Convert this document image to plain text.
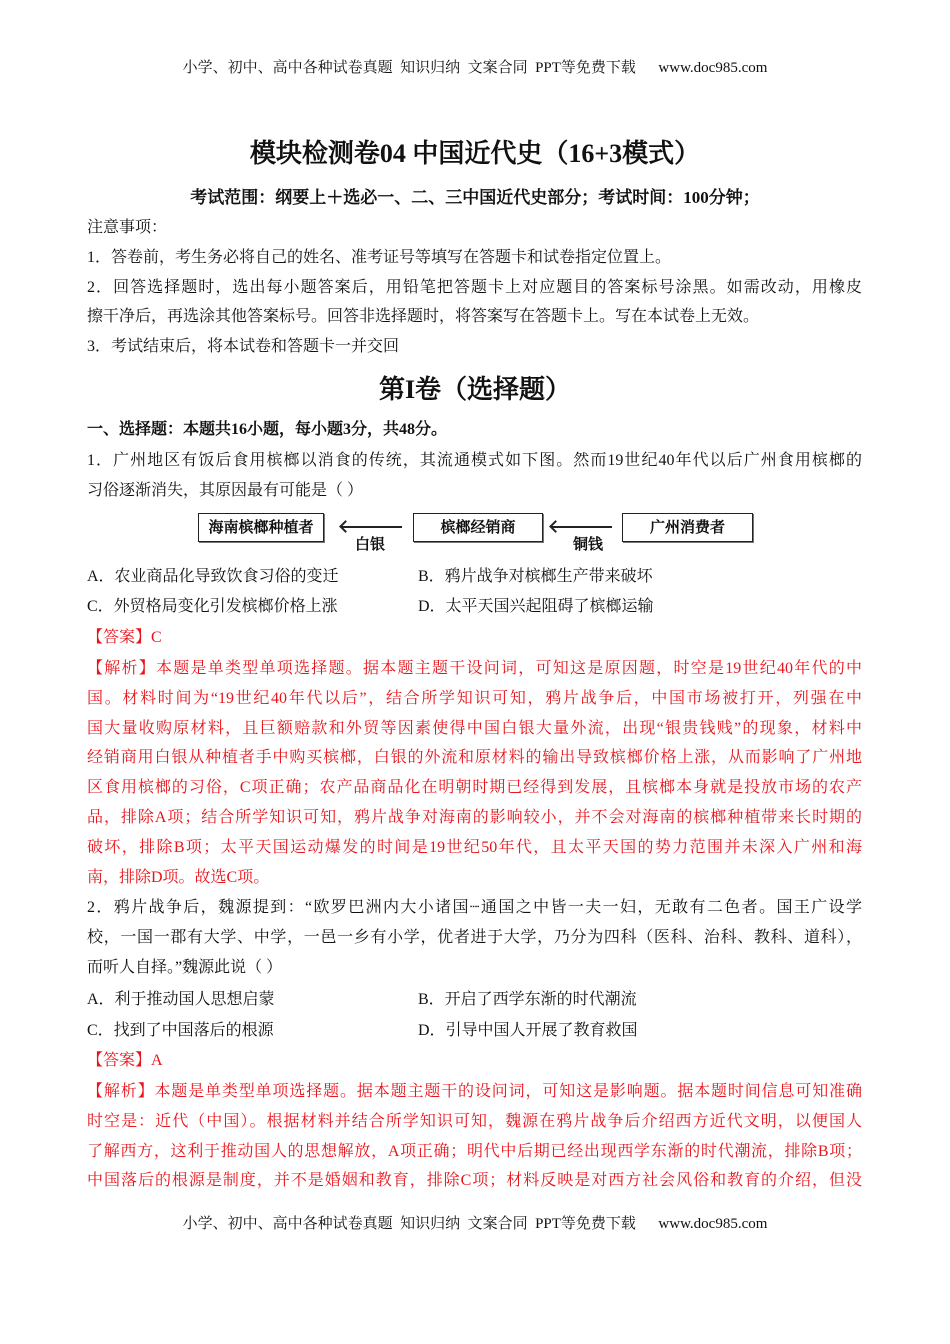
小学、初中、高中各种试卷真题  知识归纳  文案合同  PPT等免费下载      www.doc985.com
模块检测卷04 中国近代史（16+3模式）
考试范围：纲要上＋选必一、二、三中国近代史部分；考试时间：100分钟；
注意事项：
1．答卷前，考生务必将自己的姓名、准考证号等填写在答题卡和试卷指定位置上。
2．回答选择题时，选出每小题答案后，用铅笔把答题卡上对应题目的答案标号涂黑。如需改动，用橡皮
擦干净后，再选涂其他答案标号。回答非选择题时，将答案写在答题卡上。写在本试卷上无效。
3．考试结束后，将本试卷和答题卡一并交回
第I卷（选择题）
一、选择题：本题共16小题，每小题3分，共48分。
1．广州地区有饭后食用槟榔以消食的传统，其流通模式如下图。然而19世纪40年代以后广州食用槟榔的
习俗逐渐消失，其原因最有可能是（ ）
海南槟榔种植者	槟榔经销商	广州消费者
白银	铜钱
A．农业商品化导致饮食习俗的变迁	B．鸦片战争对槟榔生产带来破坏
C．外贸格局变化引发槟榔价格上涨	D．太平天国兴起阻碍了槟榔运输
【答案】C
【解析】本题是单类型单项选择题。据本题主题干设问词，可知这是原因题，时空是19世纪40年代的中
国。材料时间为“19世纪40年代以后”，结合所学知识可知，鸦片战争后，中国市场被打开，列强在中
国大量收购原材料，且巨额赔款和外贸等因素使得中国白银大量外流，出现“银贵钱贱”的现象，材料中
经销商用白银从种植者手中购买槟榔，白银的外流和原材料的输出导致槟榔价格上涨，从而影响了广州地
区食用槟榔的习俗，C项正确；农产品商品化在明朝时期已经得到发展，且槟榔本身就是投放市场的农产
品，排除A项；结合所学知识可知，鸦片战争对海南的影响较小，并不会对海南的槟榔种植带来长时期的
破坏，排除B项；太平天国运动爆发的时间是19世纪50年代，且太平天国的势力范围并未深入广州和海
南，排除D项。故选C项。
2．鸦片战争后，魏源提到：“欧罗巴洲内大小诸国┈通国之中皆一夫一妇，无敢有二色者。国王广设学
校，一国一郡有大学、中学，一邑一乡有小学，优者进于大学，乃分为四科（医科、治科、教科、道科），
而听人自择。”魏源此说（ ）
A．利于推动国人思想启蒙	B．开启了西学东渐的时代潮流
C．找到了中国落后的根源	D．引导中国人开展了教育救国
【答案】A
【解析】本题是单类型单项选择题。据本题主题干的设问词，可知这是影响题。据本题时间信息可知准确
时空是：近代（中国）。根据材料并结合所学知识可知，魏源在鸦片战争后介绍西方近代文明，以便国人
了解西方，这利于推动国人的思想解放，A项正确；明代中后期已经出现西学东渐的时代潮流，排除B项；
中国落后的根源是制度，并不是婚姻和教育，排除C项；材料反映是对西方社会风俗和教育的介绍，但没
小学、初中、高中各种试卷真题  知识归纳  文案合同  PPT等免费下载      www.doc985.com
